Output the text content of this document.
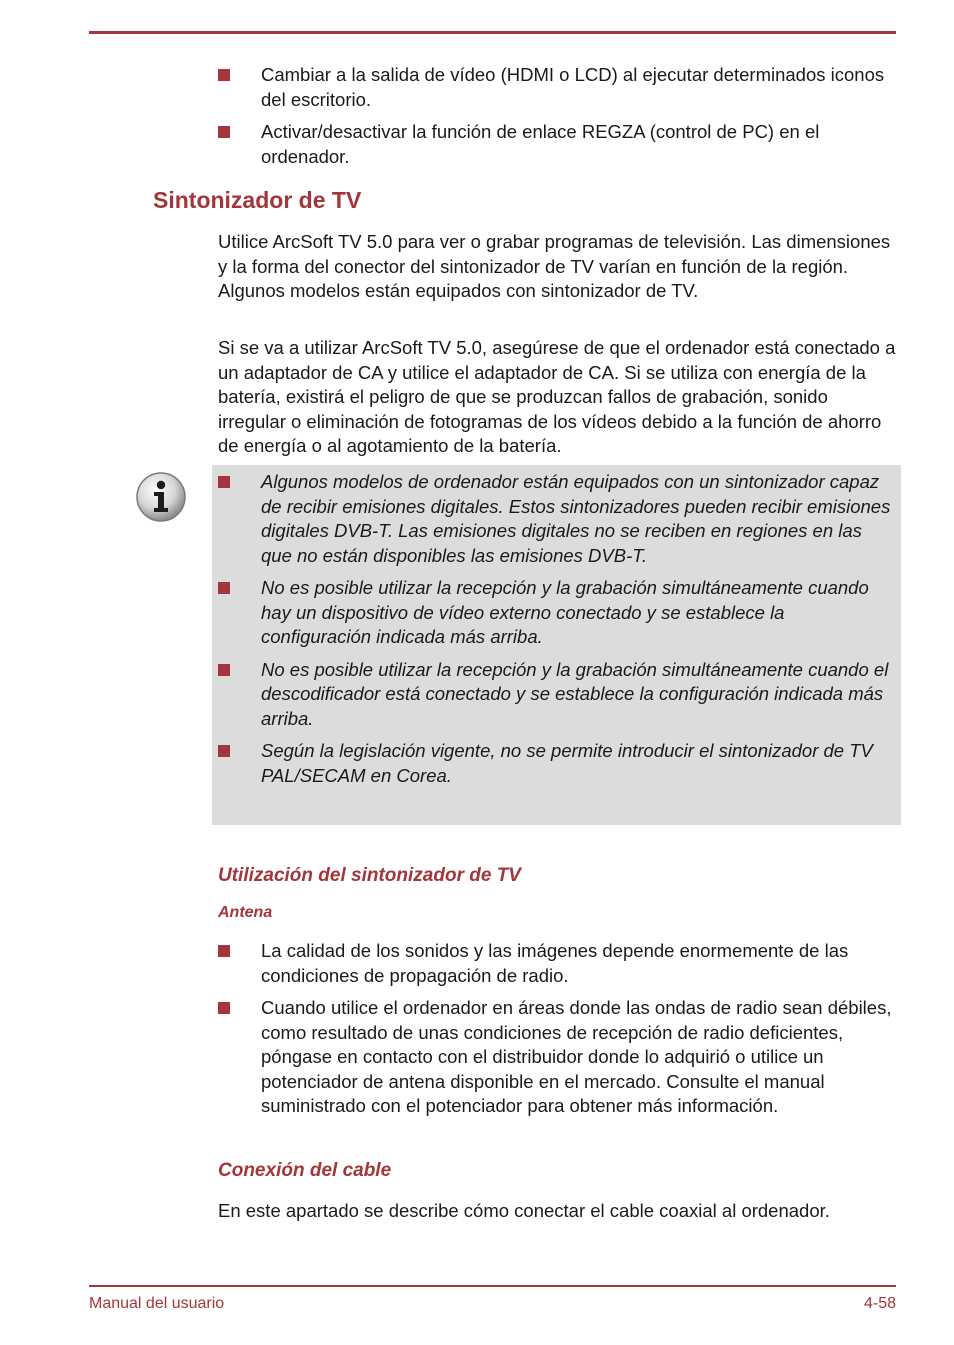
Cambiar a la salida de vídeo (HDMI o LCD) al ejecutar determinados iconos del escritorio.
Activar/desactivar la función de enlace REGZA (control de PC) en el ordenador.
Sintonizador de TV

Utilice ArcSoft TV 5.0 para ver o grabar programas de televisión. Las dimensiones y la forma del conector del sintonizador de TV varían en función de la región. Algunos modelos están equipados con sintonizador de TV.

Si se va a utilizar ArcSoft TV 5.0, asegúrese de que el ordenador está conectado a un adaptador de CA y utilice el adaptador de CA. Si se utiliza con energía de la batería, existirá el peligro de que se produzcan fallos de grabación, sonido irregular o eliminación de fotogramas de los vídeos debido a la función de ahorro de energía o al agotamiento de la batería.

Algunos modelos de ordenador están equipados con un sintonizador capaz de recibir emisiones digitales. Estos sintonizadores pueden recibir emisiones digitales DVB-T. Las emisiones digitales no se reciben en regiones en las que no están disponibles las emisiones DVB-T.
No es posible utilizar la recepción y la grabación simultáneamente cuando hay un dispositivo de vídeo externo conectado y se establece la configuración indicada más arriba.
No es posible utilizar la recepción y la grabación simultáneamente cuando el descodificador está conectado y se establece la configuración indicada más arriba.
Según la legislación vigente, no se permite introducir el sintonizador de TV PAL/SECAM en Corea.
Utilización del sintonizador de TV
Antena
La calidad de los sonidos y las imágenes depende enormemente de las condiciones de propagación de radio.
Cuando utilice el ordenador en áreas donde las ondas de radio sean débiles, como resultado de unas condiciones de recepción de radio deficientes, póngase en contacto con el distribuidor donde lo adquirió o utilice un potenciador de antena disponible en el mercado. Consulte el manual suministrado con el potenciador para obtener más información.
Conexión del cable

En este apartado se describe cómo conectar el cable coaxial al ordenador.

Manual del usuario	4-58
